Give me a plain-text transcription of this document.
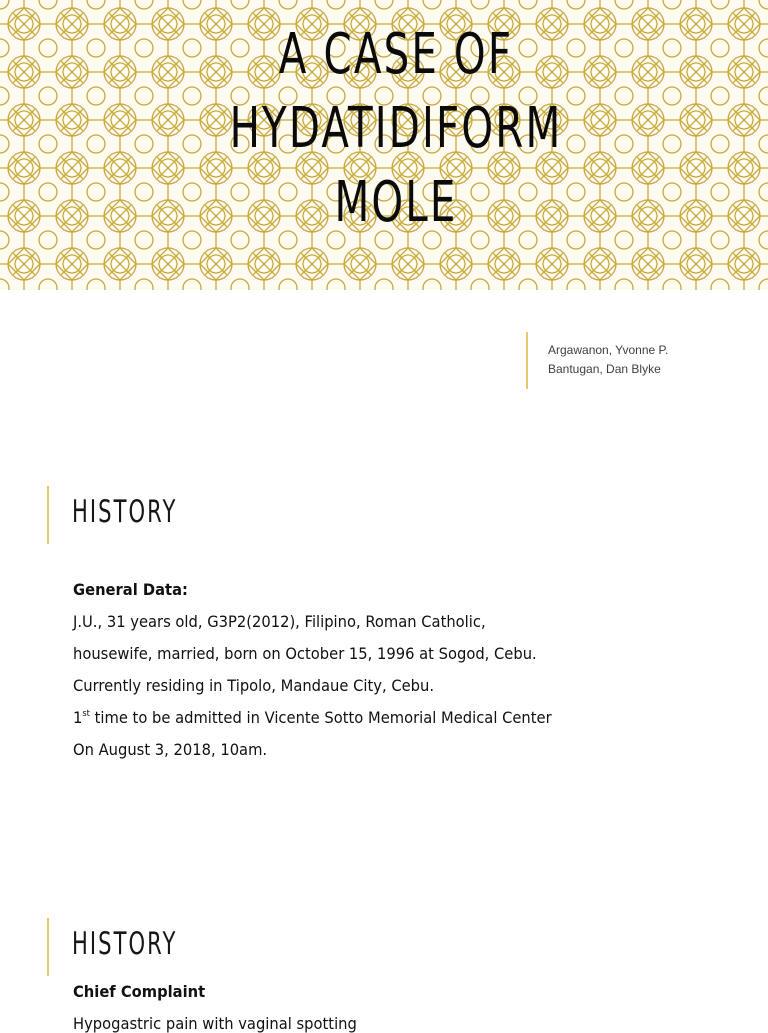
A CASE OF
HYDATIDIFORM
MOLE
Argawanon, Yvonne P.
Bantugan, Dan Blyke
HISTORY
General Data:
J.U., 31 years old, G3P2(2012), Filipino, Roman Catholic,
housewife, married, born on October 15, 1996 at Sogod, Cebu.
Currently residing in Tipolo, Mandaue City, Cebu.
1st time to be admitted in Vicente Sotto Memorial Medical Center
On August 3, 2018, 10am.
HISTORY
Chief Complaint
Hypogastric pain with vaginal spotting
